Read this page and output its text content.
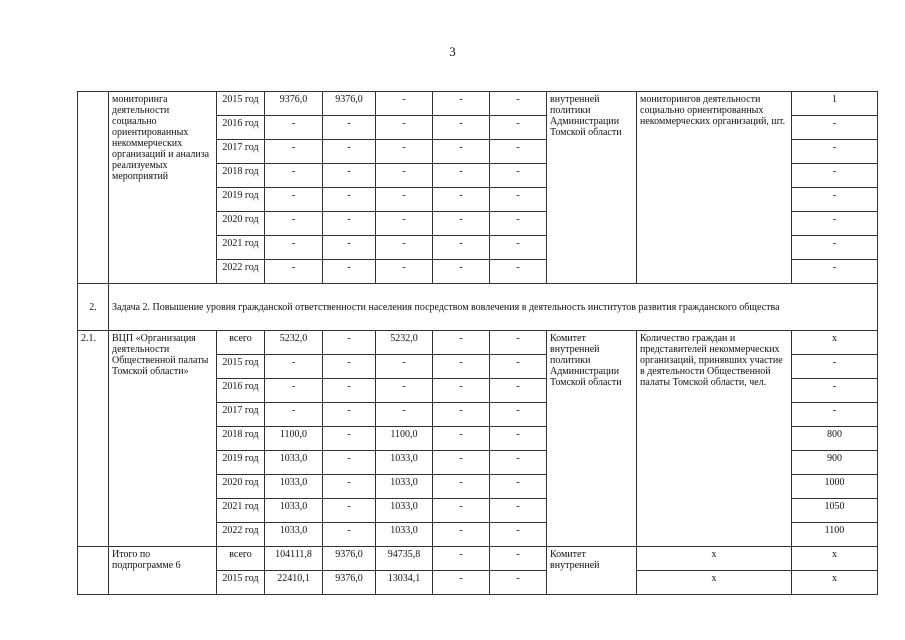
3
	мониторинга деятельности социально ориентированных некоммерческих организаций и анализа реализуемых мероприятий	2015 год	9376,0	9376,0	-	-	-	внутренней политики Администрации Томской области	мониторингов деятельности социально ориентированных некоммерческих организаций, шт.	1
		2016 год	-	-	-	-	-			-
		2017 год	-	-	-	-	-			-
		2018 год	-	-	-	-	-			-
		2019 год	-	-	-	-	-			-
		2020 год	-	-	-	-	-			-
		2021 год	-	-	-	-	-			-
		2022 год	-	-	-	-	-			-
2.	Задача 2. Повышение уровня гражданской ответственности населения посредством вовлечения в деятельность институтов развития гражданского общества									
2.1.	ВЦП «Организация деятельности Общественной палаты Томской области»	всего	5232,0	-	5232,0	-	-	Комитет внутренней политики Администрации Томской области	Количество граждан и представителей некоммерческих организаций, принявших участие в деятельности Общественной палаты Томской области, чел.	х
		2015 год	-	-	-	-	-			-
		2016 год	-	-	-	-	-			-
		2017 год	-	-	-	-	-			-
		2018 год	1100,0	-	1100,0	-	-			800
		2019 год	1033,0	-	1033,0	-	-			900
		2020 год	1033,0	-	1033,0	-	-			1000
		2021 год	1033,0	-	1033,0	-	-			1050
		2022 год	1033,0	-	1033,0	-	-			1100
	Итого по подпрограмме 6	всего	104111,8	9376,0	94735,8	-	-	Комитет внутренней	х	х
		2015 год	22410,1	9376,0	13034,1	-	-		х	х
